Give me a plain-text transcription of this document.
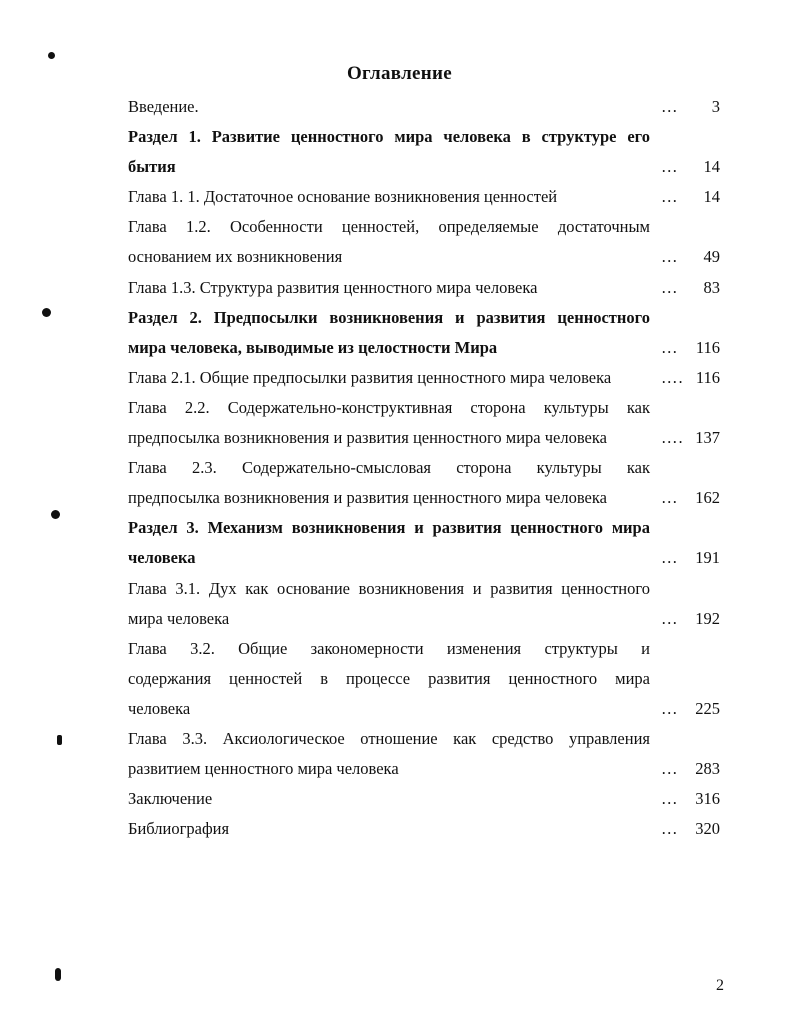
Оглавление
Введение.	… 3
Раздел 1. Развитие ценностного мира человека в структуре его
бытия	… 14
Глава 1. 1. Достаточное основание возникновения ценностей	… 14
Глава 1.2. Особенности ценностей, определяемые достаточным
основанием их возникновения	… 49
Глава 1.3. Структура развития ценностного мира человека	… 83
Раздел 2. Предпосылки возникновения и развития ценностного
мира человека, выводимые из целостности Мира	… 116
Глава 2.1. Общие предпосылки развития ценностного мира человека	…. 116
Глава 2.2. Содержательно-конструктивная сторона культуры как
предпосылка возникновения и развития ценностного мира человека	…. 137
Глава 2.3. Содержательно-смысловая сторона культуры как
предпосылка возникновения и развития ценностного мира человека	… 162
Раздел 3. Механизм возникновения и развития ценностного мира
человека	… 191
Глава 3.1. Дух как основание возникновения и развития ценностного
мира человека	… 192
Глава 3.2. Общие закономерности изменения структуры и
содержания ценностей в процессе развития ценностного мира
человека	… 225
Глава 3.3. Аксиологическое отношение как средство управления
развитием ценностного мира человека	… 283
Заключение	… 316
Библиография	… 320
2
